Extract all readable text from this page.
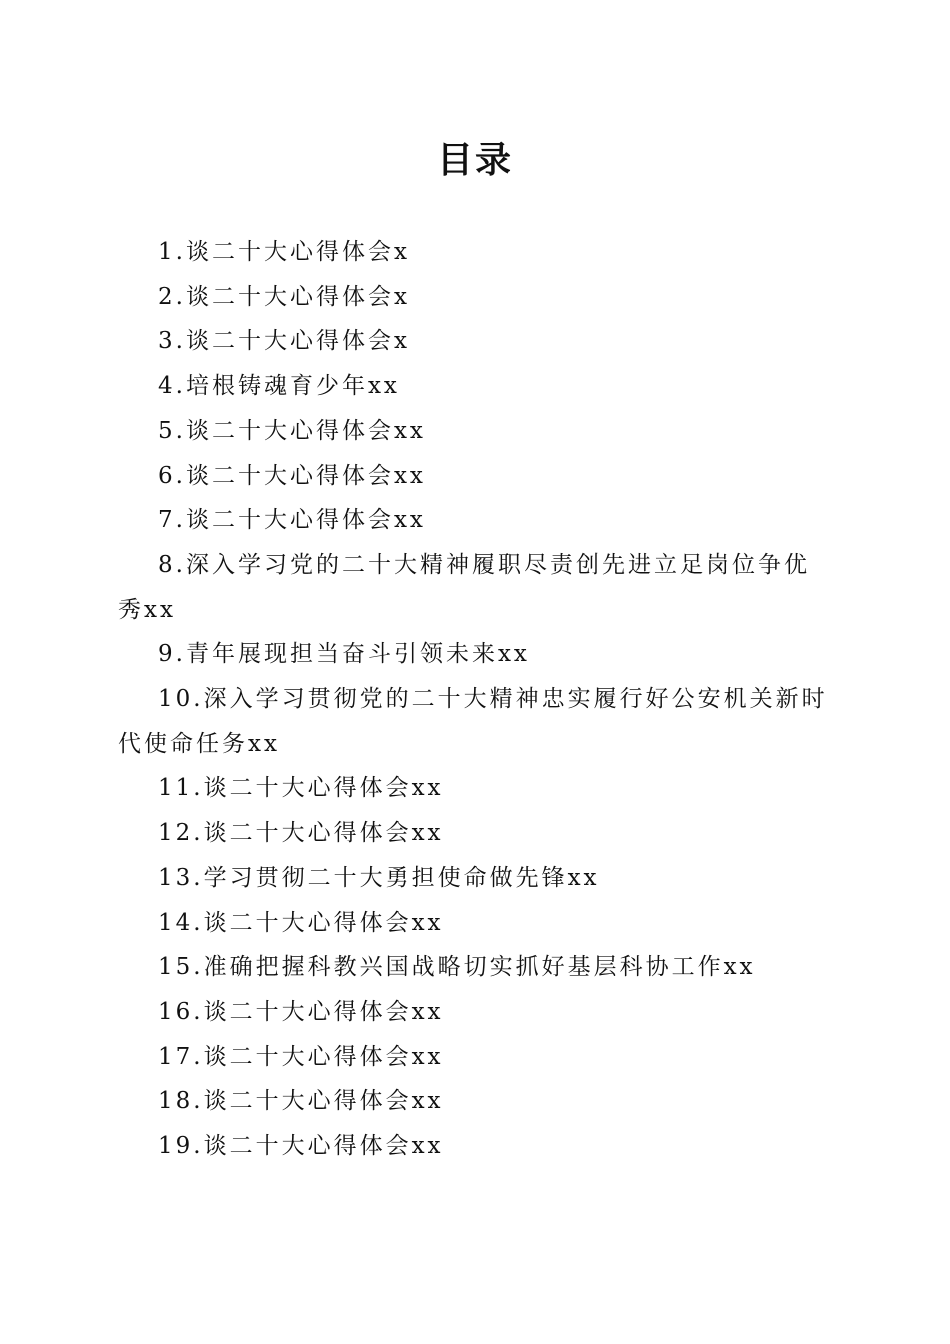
目录
1.谈二十大心得体会x
2.谈二十大心得体会x
3.谈二十大心得体会x
4.培根铸魂育少年xx
5.谈二十大心得体会xx
6.谈二十大心得体会xx
7.谈二十大心得体会xx
8.深入学习党的二十大精神履职尽责创先进立足岗位争优秀xx
9.青年展现担当奋斗引领未来xx
10.深入学习贯彻党的二十大精神忠实履行好公安机关新时代使命任务xx
11.谈二十大心得体会xx
12.谈二十大心得体会xx
13.学习贯彻二十大勇担使命做先锋xx
14.谈二十大心得体会xx
15.准确把握科教兴国战略切实抓好基层科协工作xx
16.谈二十大心得体会xx
17.谈二十大心得体会xx
18.谈二十大心得体会xx
19.谈二十大心得体会xx
